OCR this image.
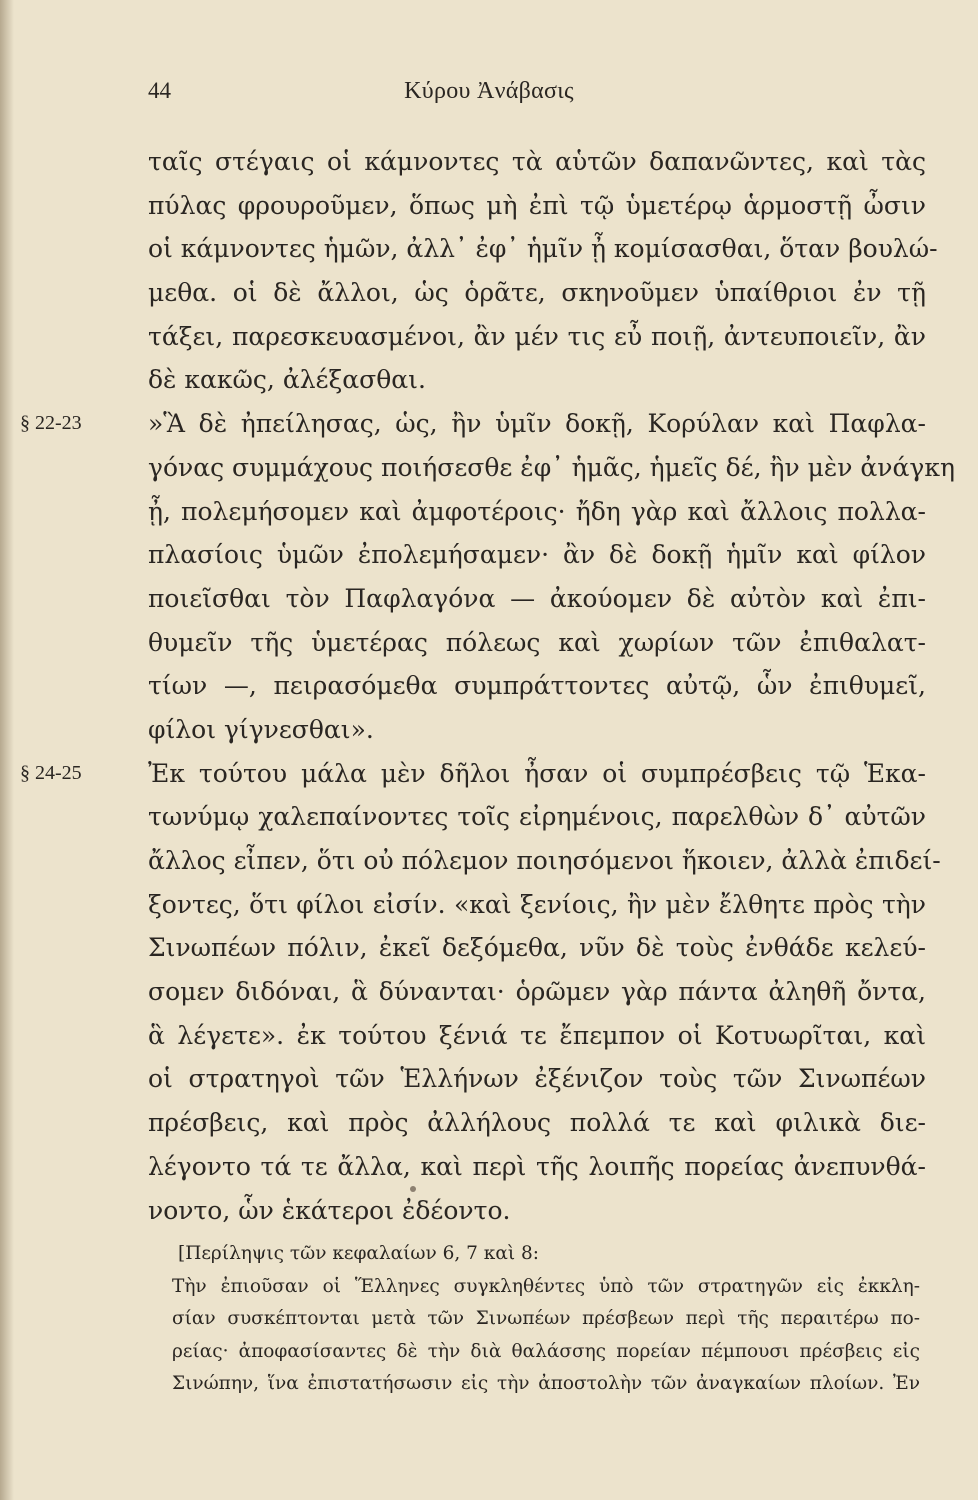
44	Κύρου Ἀνάβασις
ταῖς στέγαις οἱ κάμνοντες τὰ αὑτῶν δαπανῶντες, καὶ τὰς
πύλας φρουροῦμεν, ὅπως μὴ ἐπὶ τῷ ὑμετέρῳ ἁρμοστῇ ὦσιν
οἱ κάμνοντες ἡμῶν, ἀλλ᾽ ἐφ᾽ ἡμῖν ᾖ κομίσασθαι, ὅταν βουλώ-
μεθα. οἱ δὲ ἄλλοι, ὡς ὁρᾶτε, σκηνοῦμεν ὑπαίθριοι ἐν τῇ
τάξει, παρεσκευασμένοι, ἂν μέν τις εὖ ποιῇ, ἀντευποιεῖν, ἂν
δὲ κακῶς, ἀλέξασθαι.
§ 22-23	»Ἃ δὲ ἠπείλησας, ὡς, ἢν ὑμῖν δοκῇ, Κορύλαν καὶ Παφλα-
γόνας συμμάχους ποιήσεσθε ἐφ᾽ ἡμᾶς, ἡμεῖς δέ, ἢν μὲν ἀνάγκη
ᾖ, πολεμήσομεν καὶ ἀμφοτέροις· ἤδη γὰρ καὶ ἄλλοις πολλα-
πλασίοις ὑμῶν ἐπολεμήσαμεν· ἂν δὲ δοκῇ ἡμῖν καὶ φίλον
ποιεῖσθαι τὸν Παφλαγόνα — ἀκούομεν δὲ αὐτὸν καὶ ἐπι-
θυμεῖν τῆς ὑμετέρας πόλεως καὶ χωρίων τῶν ἐπιθαλατ-
τίων —, πειρασόμεθα συμπράττοντες αὐτῷ, ὧν ἐπιθυμεῖ,
φίλοι γίγνεσθαι».
§ 24-25	Ἐκ τούτου μάλα μὲν δῆλοι ἦσαν οἱ συμπρέσβεις τῷ Ἑκα-
τωνύμῳ χαλεπαίνοντες τοῖς εἰρημένοις, παρελθὼν δ᾽ αὐτῶν
ἄλλος εἶπεν, ὅτι οὐ πόλεμον ποιησόμενοι ἥκοιεν, ἀλλὰ ἐπιδεί-
ξοντες, ὅτι φίλοι εἰσίν. «καὶ ξενίοις, ἢν μὲν ἔλθητε πρὸς τὴν
Σινωπέων πόλιν, ἐκεῖ δεξόμεθα, νῦν δὲ τοὺς ἐνθάδε κελεύ-
σομεν διδόναι, ἃ δύνανται· ὁρῶμεν γὰρ πάντα ἀληθῆ ὄντα,
ἃ λέγετε». ἐκ τούτου ξένιά τε ἔπεμπον οἱ Κοτυωρῖται, καὶ
οἱ στρατηγοὶ τῶν Ἑλλήνων ἐξένιζον τοὺς τῶν Σινωπέων
πρέσβεις, καὶ πρὸς ἀλλήλους πολλά τε καὶ φιλικὰ διε-
λέγοντο τά τε ἄλλα, καὶ περὶ τῆς λοιπῆς πορείας ἀνεπυνθά-
νοντο, ὧν ἑκάτεροι ἐδέοντο.
[Περίληψις τῶν κεφαλαίων 6, 7 καὶ 8:
Τὴν ἐπιοῦσαν οἱ Ἕλληνες συγκληθέντες ὑπὸ τῶν στρατηγῶν εἰς ἐκκλη-
σίαν συσκέπτονται μετὰ τῶν Σινωπέων πρέσβεων περὶ τῆς περαιτέρω πο-
ρείας· ἀποφασίσαντες δὲ τὴν διὰ θαλάσσης πορείαν πέμπουσι πρέσβεις εἰς
Σινώπην, ἵνα ἐπιστατήσωσιν εἰς τὴν ἀποστολὴν τῶν ἀναγκαίων πλοίων. Ἐν
